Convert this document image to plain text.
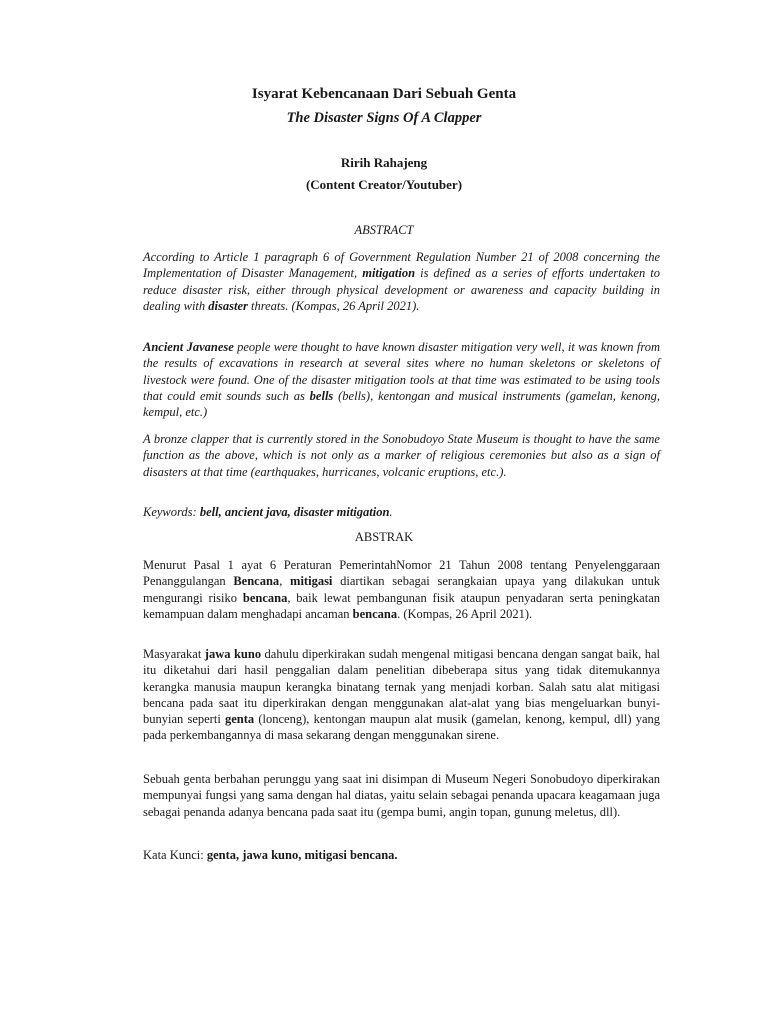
Isyarat Kebencanaan Dari Sebuah Genta
The Disaster Signs Of A Clapper
Ririh Rahajeng
(Content Creator/Youtuber)
ABSTRACT

According to Article 1 paragraph 6 of Government Regulation Number 21 of 2008 concerning the Implementation of Disaster Management, mitigation is defined as a series of efforts undertaken to reduce disaster risk, either through physical development or awareness and capacity building in dealing with disaster threats. (Kompas, 26 April 2021).

Ancient Javanese people were thought to have known disaster mitigation very well, it was known from the results of excavations in research at several sites where no human skeletons or skeletons of livestock were found. One of the disaster mitigation tools at that time was estimated to be using tools that could emit sounds such as bells (bells), kentongan and musical instruments (gamelan, kenong, kempul, etc.)

A bronze clapper that is currently stored in the Sonobudoyo State Museum is thought to have the same function as the above, which is not only as a marker of religious ceremonies but also as a sign of disasters at that time (earthquakes, hurricanes, volcanic eruptions, etc.).

Keywords: bell, ancient java, disaster mitigation.

ABSTRAK

Menurut Pasal 1 ayat 6 Peraturan PemerintahNomor 21 Tahun 2008 tentang Penyelenggaraan Penanggulangan Bencana, mitigasi diartikan sebagai serangkaian upaya yang dilakukan untuk mengurangi risiko bencana, baik lewat pembangunan fisik ataupun penyadaran serta peningkatan kemampuan dalam menghadapi ancaman bencana. (Kompas, 26 April 2021).

Masyarakat jawa kuno dahulu diperkirakan sudah mengenal mitigasi bencana dengan sangat baik, hal itu diketahui dari hasil penggalian dalam penelitian dibeberapa situs yang tidak ditemukannya kerangka manusia maupun kerangka binatang ternak yang menjadi korban. Salah satu alat mitigasi bencana pada saat itu diperkirakan dengan menggunakan alat-alat yang bias mengeluarkan bunyi-bunyian seperti genta (lonceng), kentongan maupun alat musik (gamelan, kenong, kempul, dll) yang pada perkembangannya di masa sekarang dengan menggunakan sirene.

Sebuah genta berbahan perunggu yang saat ini disimpan di Museum Negeri Sonobudoyo diperkirakan mempunyai fungsi yang sama dengan hal diatas, yaitu selain sebagai penanda upacara keagamaan juga sebagai penanda adanya bencana pada saat itu (gempa bumi, angin topan, gunung meletus, dll).

Kata Kunci: genta, jawa kuno, mitigasi bencana.
